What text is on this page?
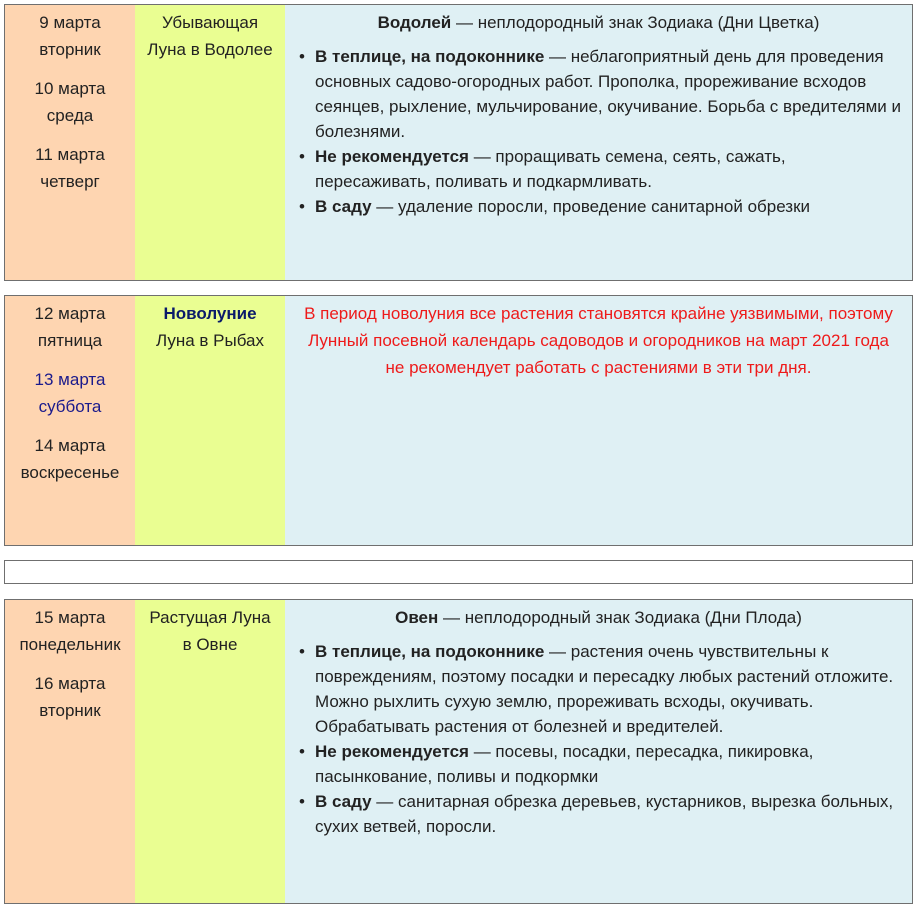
9 марта
вторник
10 марта
среда
11 марта
четверг
Убывающая
Луна в Водолее
Водолей — неплодородный знак Зодиака (Дни Цветка)
• В теплице, на подоконнике — неблагоприятный день для проведения основных садово-огородных работ. Прополка, прореживание всходов сеянцев, рыхление, мульчирование, окучивание. Борьба с вредителями и болезнями.
• Не рекомендуется — проращивать семена, сеять, сажать, пересаживать, поливать и подкармливать.
• В саду — удаление поросли, проведение санитарной обрезки
12 марта
пятница
13 марта
суббота
14 марта
воскресенье
Новолуние
Луна в Рыбах
В период новолуния все растения становятся крайне уязвимыми, поэтому Лунный посевной календарь садоводов и огородников на март 2021 года не рекомендует работать с растениями в эти три дня.
15 марта
понедельник
16 марта
вторник
Растущая Луна
в Овне
Овен — неплодородный знак Зодиака (Дни Плода)
• В теплице, на подоконнике — растения очень чувствительны к повреждениям, поэтому посадки и пересадку любых растений отложите. Можно рыхлить сухую землю, прореживать всходы, окучивать. Обрабатывать растения от болезней и вредителей.
• Не рекомендуется — посевы, посадки, пересадка, пикировка, пасынкование, поливы и подкормки
• В саду — санитарная обрезка деревьев, кустарников, вырезка больных, сухих ветвей, поросли.
